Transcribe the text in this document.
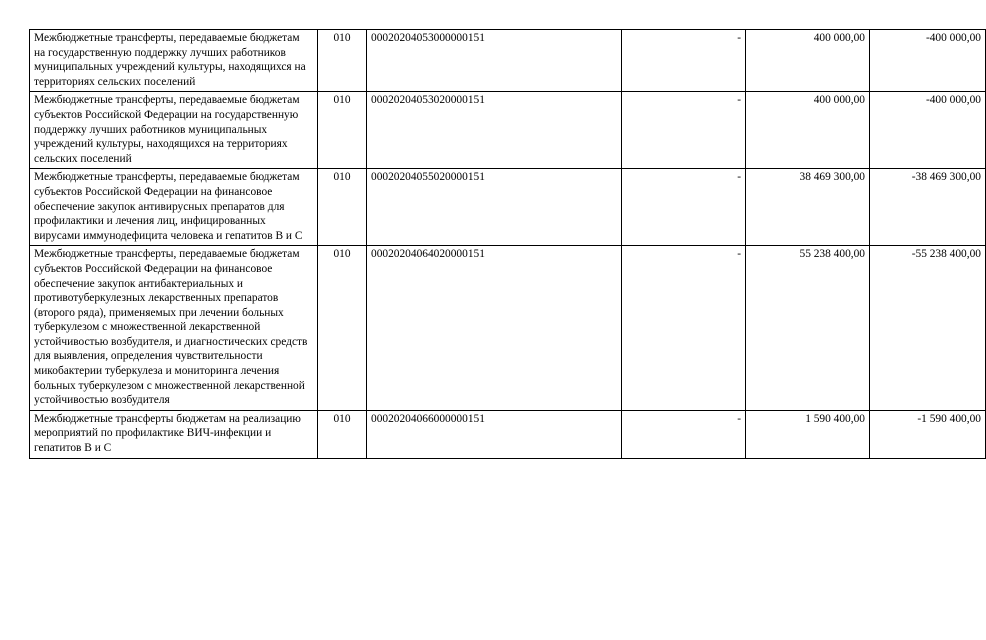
Межбюджетные трансферты, передаваемые бюджетам на государственную поддержку лучших работников муниципальных учреждений культуры, находящихся на территориях сельских поселений	010	00020204053000000151	-	400 000,00	-400 000,00
Межбюджетные трансферты, передаваемые бюджетам субъектов Российской Федерации на государственную поддержку лучших работников муниципальных учреждений культуры, находящихся на территориях сельских поселений	010	00020204053020000151	-	400 000,00	-400 000,00
Межбюджетные трансферты, передаваемые бюджетам субъектов Российской Федерации на финансовое обеспечение закупок антивирусных препаратов для профилактики и лечения лиц, инфицированных вирусами иммунодефицита человека и гепатитов В и С	010	00020204055020000151	-	38 469 300,00	-38 469 300,00
Межбюджетные трансферты, передаваемые бюджетам субъектов Российской Федерации на финансовое обеспечение закупок антибактериальных и противотуберкулезных лекарственных препаратов (второго ряда), применяемых при лечении больных туберкулезом с множественной лекарственной устойчивостью возбудителя, и диагностических средств для выявления, определения чувствительности микобактерии туберкулеза и мониторинга лечения больных туберкулезом с множественной лекарственной устойчивостью возбудителя	010	00020204064020000151	-	55 238 400,00	-55 238 400,00
Межбюджетные трансферты бюджетам на реализацию мероприятий по профилактике ВИЧ-инфекции и гепатитов В и С	010	00020204066000000151	-	1 590 400,00	-1 590 400,00
